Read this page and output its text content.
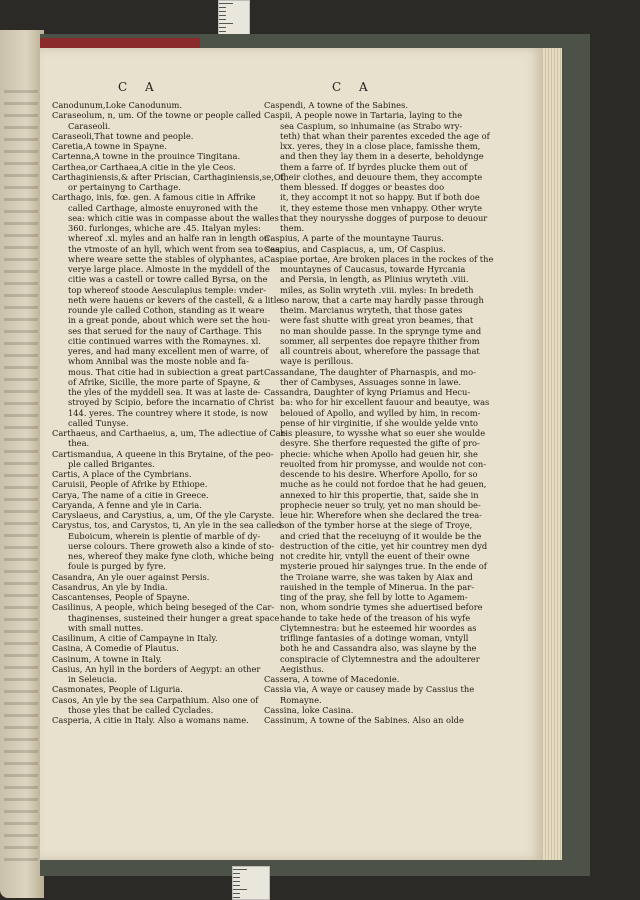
C A	C A
Canodunum,Loke Canodunum.
Caraseolum, n, um. Of the towne or people called
Caraseoli.
Caraseoli,That towne and people.
Caretia,A towne in Spayne.
Cartenna,A towne in the prouince Tingitana.
Carthea,or Carthaea,A citie in the yle Ceos.
Carthaginiensis,& after Priscian, Carthaginiensis,se,Of,
or pertainyng to Carthage.
Carthago, inis, fœ. gen. A famous citie in Affrike
called Carthage, almoste enuyroned with the
sea: which citie was in compasse about the walles
360. furlonges, whiche are .45. Italyan myles:
whereof .xl. myles and an halfe ran in length on
the vtmoste of an hyll, which went from sea to sea,
where weare sette the stables of olyphantes, a
verye large place. Almoste in the myddell of the
citie was a castell or towre called Byrsa, on the
top whereof stoode Aesculapius temple: vnder-
neth were hauens or kevers of the castell, & a litle
rounde yle called Cothon, standing as it weare
in a great ponde, about which were set the hou-
ses that serued for the nauy of Carthage. This
citie continued warres with the Romaynes. xl.
yeres, and had many excellent men of warre, of
whom Annibal was the moste noble and fa-
mous. That citie had in subiection a great part
of Afrike, Sicille, the more parte of Spayne, &
the yles of the myddell sea. It was at laste de-
stroyed by Scipio, before the incarnatio of Christ
144. yeres. The countrey where it stode, is now
called Tunyse.
Carthaeus, and Carthaeius, a, um, The adiectiue of Car-
thea.
Cartismandua, A queene in this Brytaine, of the peo-
ple called Brigantes.
Cartis, A place of the Cymbrians.
Caruisii, People of Afrike by Ethiope.
Carya, The name of a citie in Greece.
Caryanda, A fenne and yle in Caria.
Caryslaeus, and Carystius, a, um, Of the yle Caryste.
Carystus, tos, and Carystos, ti, An yle in the sea called
Euboicum, wherein is plentie of marble of dy-
uerse colours. There groweth also a kinde of sto-
nes, whereof they make fyne cloth, whiche being
foule is purged by fyre.
Casandra, An yle ouer against Persis.
Casandrus, An yle by India.
Cascantenses, People of Spayne.
Casilinus, A people, which being beseged of the Car-
thaginenses, susteined their hunger a great space
with small nuttes.
Casilinum, A citie of Campayne in Italy.
Casina, A Comedie of Plautus.
Casinum, A towne in Italy.
Casius, An hyll in the borders of Aegypt: an other
in Seleucia.
Casmonates, People of Liguria.
Casos, An yle by the sea Carpathium. Also one of
those yles that be called Cyclades.
Casperia, A citie in Italy. Also a womans name.
Caspendi, A towne of the Sabines.
Caspii, A people nowe in Tartaria, laying to the
sea Caspium, so inhumaine (as Strabo wry-
teth) that whan their parentes exceded the age of
lxx. yeres, they in a close place, famisshe them,
and then they lay them in a deserte, beholdynge
them a farre of. If byrdes plucke them out of
their clothes, and deuoure them, they accompte
them blessed. If dogges or beastes doo
it, they accompt it not so happy. But if both doe
it, they esteme those men vnhappy. Other wryte
that they nourysshe dogges of purpose to deuour
them.
Caspius, A parte of the mountayne Taurus.
Caspius, and Caspiacus, a, um, Of Caspius.
Caspiae portae, Are broken places in the rockes of the
mountaynes of Caucasus, towarde Hyrcania
and Persia, in length, as Plinius wryteth .viii.
miles, as Solin wryteth .viii. myles: In bredeth
so narow, that a carte may hardly passe through
theim. Marcianus wryteth, that those gates
were fast shutte with great yron beames, that
no man shoulde passe. In the sprynge tyme and
sommer, all serpentes doe repayre thither from
all countreis about, wherefore the passage that
waye is perillous.
Cassandane, The daughter of Pharnaspis, and mo-
ther of Cambyses, Assuages sonne in lawe.
Cassandra, Daughter of kyng Priamus and Hecu-
ba: who for hir excellent fauour and beautye, was
beloued of Apollo, and wylled by him, in recom-
pense of hir virginitie, if she woulde yelde vnto
his pleasure, to wysshe what so euer she woulde
desyre. She therfore requested the gifte of pro-
phecie: whiche when Apollo had geuen hir, she
reuolted from hir promysse, and woulde not con-
descende to his desire. Wherfore Apollo, for so
muche as he could not fordoe that he had geuen,
annexed to hir this propertie, that, saide she in
prophecie neuer so truly, yet no man should be-
leue hir. Wherefore when she declared the trea-
son of the tymber horse at the siege of Troye,
and cried that the receiuyng of it woulde be the
destruction of the citie, yet hir countrey men dyd
not credite hir, vntyll the euent of their owne
mysterie proued hir saiynges true. In the ende of
the Troiane warre, she was taken by Aiax and
rauished in the temple of Minerua. In the par-
ting of the pray, she fell by lotte to Agamem-
non, whom sondrie tymes she aduertised before
hande to take hede of the treason of his wyfe
Clytemnestra: but he esteemed hir woordes as
triflinge fantasies of a dotinge woman, vntyll
both he and Cassandra also, was slayne by the
conspiracie of Clytemnestra and the adoulterer
Aegisthus.
Cassera, A towne of Macedonie.
Cassia via, A waye or causey made by Cassius the
Romayne.
Cassina, loke Casina.
Cassinum, A towne of the Sabines. Also an olde
